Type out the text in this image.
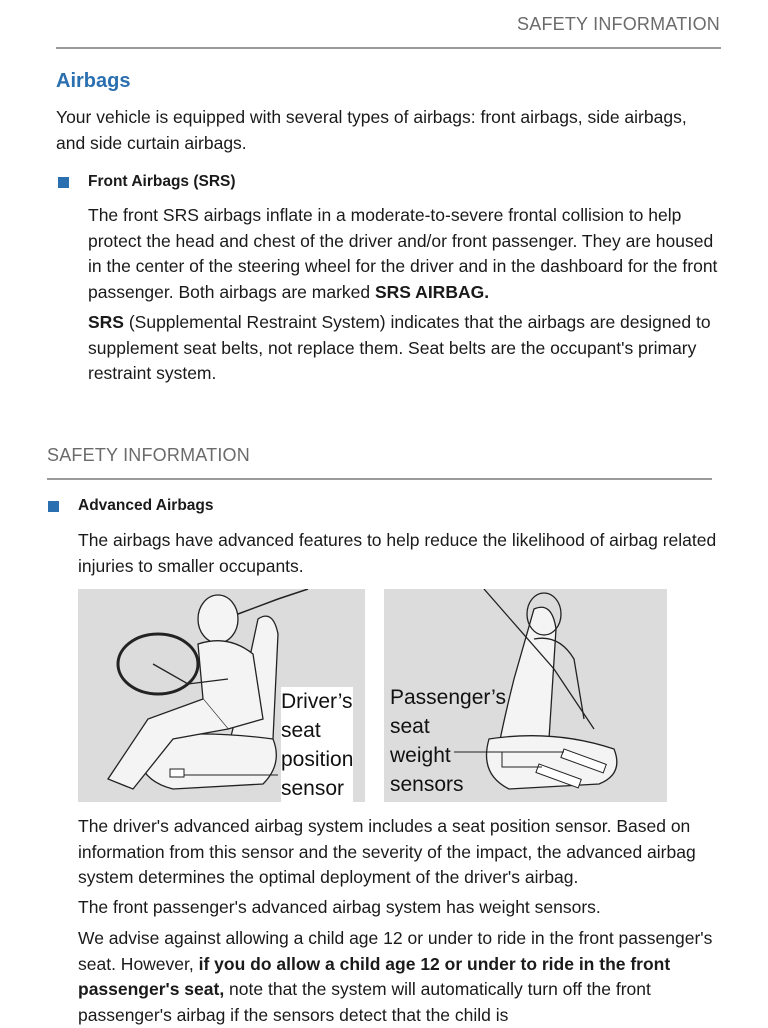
SAFETY INFORMATION
Airbags

Your vehicle is equipped with several types of airbags: front airbags, side airbags, and side curtain airbags.

Front Airbags (SRS)

The front SRS airbags inflate in a moderate-to-severe frontal collision to help protect the head and chest of the driver and/or front passenger. They are housed in the center of the steering wheel for the driver and in the dashboard for the front passenger. Both airbags are marked SRS AIRBAG.

SRS (Supplemental Restraint System) indicates that the airbags are designed to supplement seat belts, not replace them. Seat belts are the occupant's primary restraint system.

SAFETY INFORMATION
Advanced Airbags

The airbags have advanced features to help reduce the likelihood of airbag related injuries to smaller occupants.

Driver’s
seat
position
sensor
Passenger’s
seat
weight
sensors

The driver's advanced airbag system includes a seat position sensor. Based on information from this sensor and the severity of the impact, the advanced airbag system determines the optimal deployment of the driver's airbag.

The front passenger's advanced airbag system has weight sensors.

We advise against allowing a child age 12 or under to ride in the front passenger's seat. However, if you do allow a child age 12 or under to ride in the front passenger's seat, note that the system will automatically turn off the front passenger's airbag if the sensors detect that the child is
